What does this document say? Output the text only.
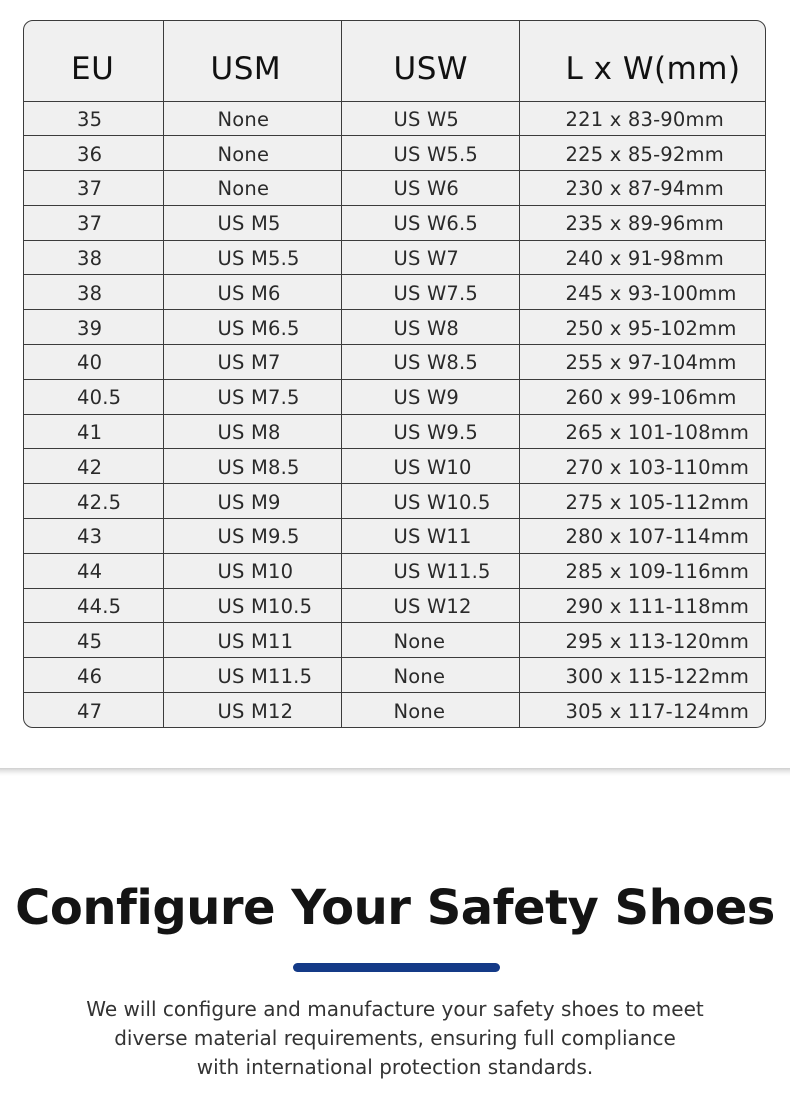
EU	USM	USW	L x W(mm)
35	None	US W5	221 x 83-90mm
36	None	US W5.5	225 x 85-92mm
37	None	US W6	230 x 87-94mm
37	US M5	US W6.5	235 x 89-96mm
38	US M5.5	US W7	240 x 91-98mm
38	US M6	US W7.5	245 x 93-100mm
39	US M6.5	US W8	250 x 95-102mm
40	US M7	US W8.5	255 x 97-104mm
40.5	US M7.5	US W9	260 x 99-106mm
41	US M8	US W9.5	265 x 101-108mm
42	US M8.5	US W10	270 x 103-110mm
42.5	US M9	US W10.5	275 x 105-112mm
43	US M9.5	US W11	280 x 107-114mm
44	US M10	US W11.5	285 x 109-116mm
44.5	US M10.5	US W12	290 x 111-118mm
45	US M11	None	295 x 113-120mm
46	US M11.5	None	300 x 115-122mm
47	US M12	None	305 x 117-124mm
Configure Your Safety Shoes

We will configure and manufacture your safety shoes to meet
diverse material requirements, ensuring full compliance
with international protection standards.
